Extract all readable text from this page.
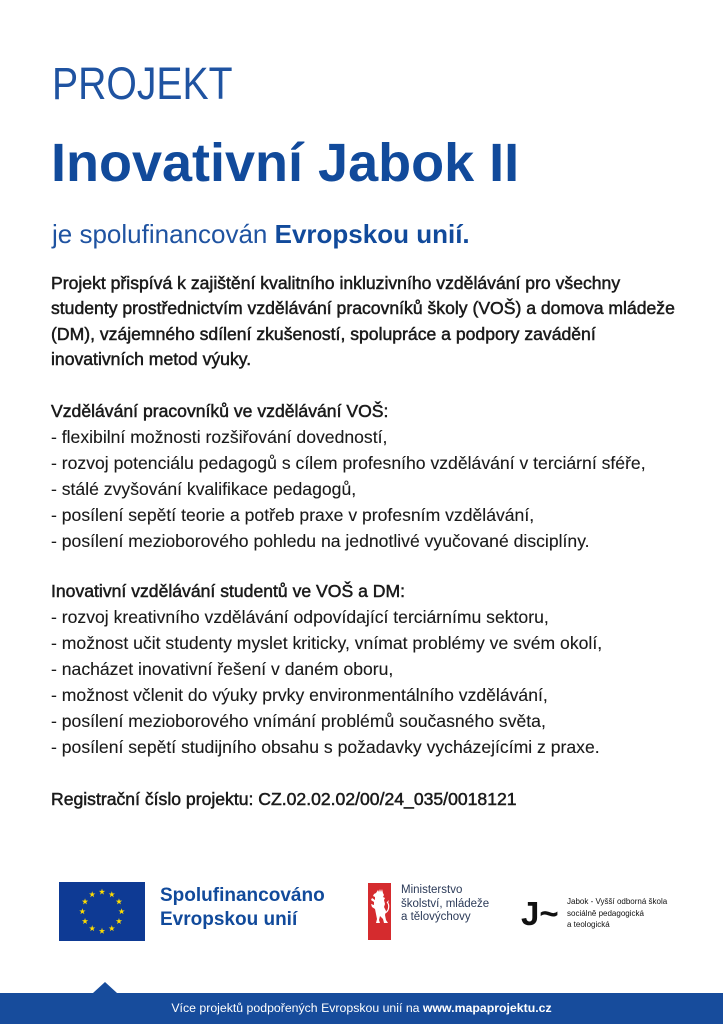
PROJEKT
Inovativní Jabok II
je spolufinancován Evropskou unií.
Projekt přispívá k zajištění kvalitního inkluzivního vzdělávání pro všechny
studenty prostřednictvím vzdělávání pracovníků školy (VOŠ) a domova mládeže
(DM), vzájemného sdílení zkušeností, spolupráce a podpory zavádění
inovativních metod výuky.
Vzdělávání pracovníků ve vzdělávání VOŠ:
- flexibilní možnosti rozšiřování dovedností,
- rozvoj potenciálu pedagogů s cílem profesního vzdělávání v terciární sféře,
- stálé zvyšování kvalifikace pedagogů,
- posílení sepětí teorie a potřeb praxe v profesním vzdělávání,
- posílení mezioborového pohledu na jednotlivé vyučované disciplíny.
Inovativní vzdělávání studentů ve VOŠ a DM:
- rozvoj kreativního vzdělávání odpovídající terciárnímu sektoru,
- možnost učit studenty myslet kriticky, vnímat problémy ve svém okolí,
- nacházet inovativní řešení v daném oboru,
- možnost včlenit do výuky prvky environmentálního vzdělávání,
- posílení mezioborového vnímání problémů současného světa,
- posílení sepětí studijního obsahu s požadavky vycházejícími z praxe.
Registrační číslo projektu: CZ.02.02.02/00/24_035/0018121
Spolufinancováno
Evropskou unií
Ministerstvo
školství, mládeže
a tělovýchovy	J~ Jabok - Vyšší odborná škola
sociálně pedagogická
a teologická
Více projektů podpořených Evropskou unií na www.mapaprojektu.cz
